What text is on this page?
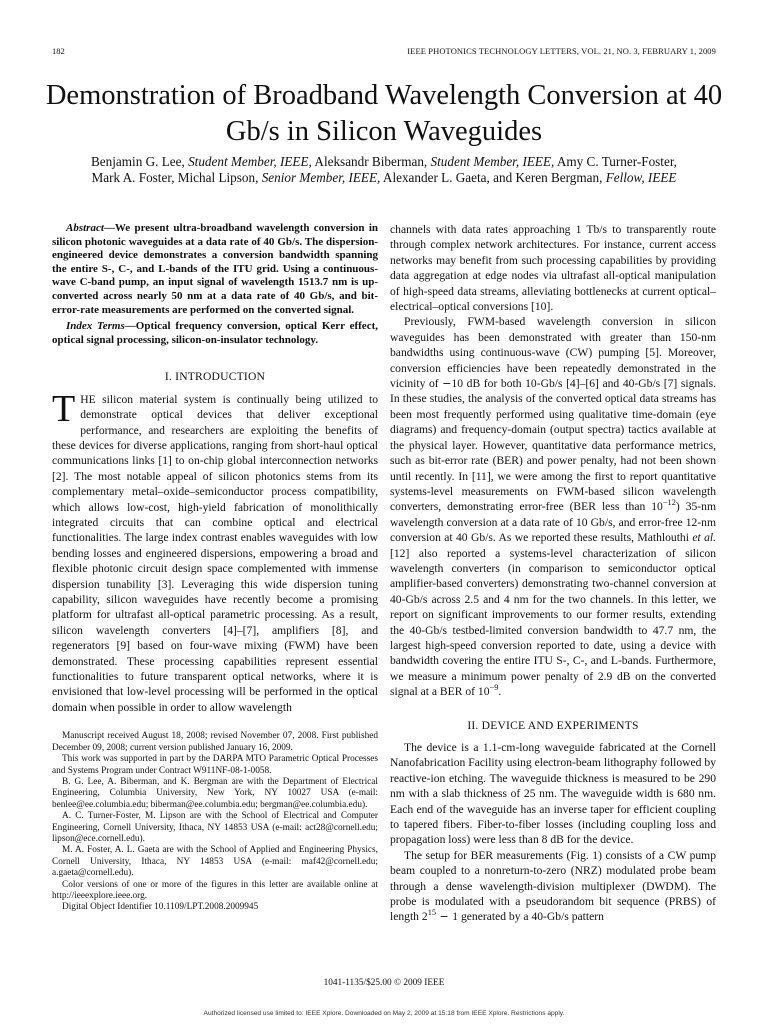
182	IEEE PHOTONICS TECHNOLOGY LETTERS, VOL. 21, NO. 3, FEBRUARY 1, 2009
Demonstration of Broadband Wavelength Conversion at 40 Gb/s in Silicon Waveguides
Benjamin G. Lee, Student Member, IEEE, Aleksandr Biberman, Student Member, IEEE, Amy C. Turner-Foster,
Mark A. Foster, Michal Lipson, Senior Member, IEEE, Alexander L. Gaeta, and Keren Bergman, Fellow, IEEE

Abstract—We present ultra-broadband wavelength conversion in silicon photonic waveguides at a data rate of 40 Gb/s. The dispersion-engineered device demonstrates a conversion bandwidth spanning the entire S-, C-, and L-bands of the ITU grid. Using a continuous-wave C-band pump, an input signal of wavelength 1513.7 nm is up-converted across nearly 50 nm at a data rate of 40 Gb/s, and bit-error-rate measurements are performed on the converted signal.

Index Terms—Optical frequency conversion, optical Kerr effect, optical signal processing, silicon-on-insulator technology.

I. INTRODUCTION

THE silicon material system is continually being utilized to demonstrate optical devices that deliver exceptional performance, and researchers are exploiting the benefits of these devices for diverse applications, ranging from short-haul optical communications links [1] to on-chip global interconnection networks [2]. The most notable appeal of silicon photonics stems from its complementary metal–oxide–semiconductor process compatibility, which allows low-cost, high-yield fabrication of monolithically integrated circuits that can combine optical and electrical functionalities. The large index contrast enables waveguides with low bending losses and engineered dispersions, empowering a broad and flexible photonic circuit design space complemented with immense dispersion tunability [3]. Leveraging this wide dispersion tuning capability, silicon waveguides have recently become a promising platform for ultrafast all-optical parametric processing. As a result, silicon wavelength converters [4]–[7], amplifiers [8], and regenerators [9] based on four-wave mixing (FWM) have been demonstrated. These processing capabilities represent essential functionalities to future transparent optical networks, where it is envisioned that low-level processing will be performed in the optical domain when possible in order to allow wavelength

Manuscript received August 18, 2008; revised November 07, 2008. First published December 09, 2008; current version published January 16, 2009.

This work was supported in part by the DARPA MTO Parametric Optical Processes and Systems Program under Contract W911NF-08-1-0058.

B. G. Lee, A. Biberman, and K. Bergman are with the Department of Electrical Engineering, Columbia University, New York, NY 10027 USA (e-mail: benlee@ee.columbia.edu; biberman@ee.columbia.edu; bergman@ee.columbia.edu).

A. C. Turner-Foster, M. Lipson are with the School of Electrical and Computer Engineering, Cornell University, Ithaca, NY 14853 USA (e-mail: act28@cornell.edu; lipson@ece.cornell.edu).

M. A. Foster, A. L. Gaeta are with the School of Applied and Engineering Physics, Cornell University, Ithaca, NY 14853 USA (e-mail: maf42@cornell.edu; a.gaeta@cornell.edu).

Color versions of one or more of the figures in this letter are available online at http://ieeexplore.ieee.org.

Digital Object Identifier 10.1109/LPT.2008.2009945

channels with data rates approaching 1 Tb/s to transparently route through complex network architectures. For instance, current access networks may benefit from such processing capabilities by providing data aggregation at edge nodes via ultrafast all-optical manipulation of high-speed data streams, alleviating bottlenecks at current optical–electrical–optical conversions [10].

Previously, FWM-based wavelength conversion in silicon waveguides has been demonstrated with greater than 150-nm bandwidths using continuous-wave (CW) pumping [5]. Moreover, conversion efficiencies have been repeatedly demonstrated in the vicinity of −10 dB for both 10-Gb/s [4]–[6] and 40-Gb/s [7] signals. In these studies, the analysis of the converted optical data streams has been most frequently performed using qualitative time-domain (eye diagrams) and frequency-domain (output spectra) tactics available at the physical layer. However, quantitative data performance metrics, such as bit-error rate (BER) and power penalty, had not been shown until recently. In [11], we were among the first to report quantitative systems-level measurements on FWM-based silicon wavelength converters, demonstrating error-free (BER less than $10^{-12}$) 35-nm wavelength conversion at a data rate of 10 Gb/s, and error-free 12-nm conversion at 40 Gb/s. As we reported these results, Mathlouthi et al. [12] also reported a systems-level characterization of silicon wavelength converters (in comparison to semiconductor optical amplifier-based converters) demonstrating two-channel conversion at 40-Gb/s across 2.5 and 4 nm for the two channels. In this letter, we report on significant improvements to our former results, extending the 40-Gb/s testbed-limited conversion bandwidth to 47.7 nm, the largest high-speed conversion reported to date, using a device with bandwidth covering the entire ITU S-, C-, and L-bands. Furthermore, we measure a minimum power penalty of 2.9 dB on the converted signal at a BER of $10^{-9}$.

II. DEVICE AND EXPERIMENTS

The device is a 1.1-cm-long waveguide fabricated at the Cornell Nanofabrication Facility using electron-beam lithography followed by reactive-ion etching. The waveguide thickness is measured to be 290 nm with a slab thickness of 25 nm. The waveguide width is 680 nm. Each end of the waveguide has an inverse taper for efficient coupling to tapered fibers. Fiber-to-fiber losses (including coupling loss and propagation loss) were less than 8 dB for the device.

The setup for BER measurements (Fig. 1) consists of a CW pump beam coupled to a nonreturn-to-zero (NRZ) modulated probe beam through a dense wavelength-division multiplexer (DWDM). The probe is modulated with a pseudorandom bit sequence (PRBS) of length $2^{15} - 1$ generated by a 40-Gb/s pattern

1041-1135/$25.00 © 2009 IEEE
Authorized licensed use limited to: IEEE Xplore. Downloaded on May 2, 2009 at 15:18 from IEEE Xplore. Restrictions apply.
